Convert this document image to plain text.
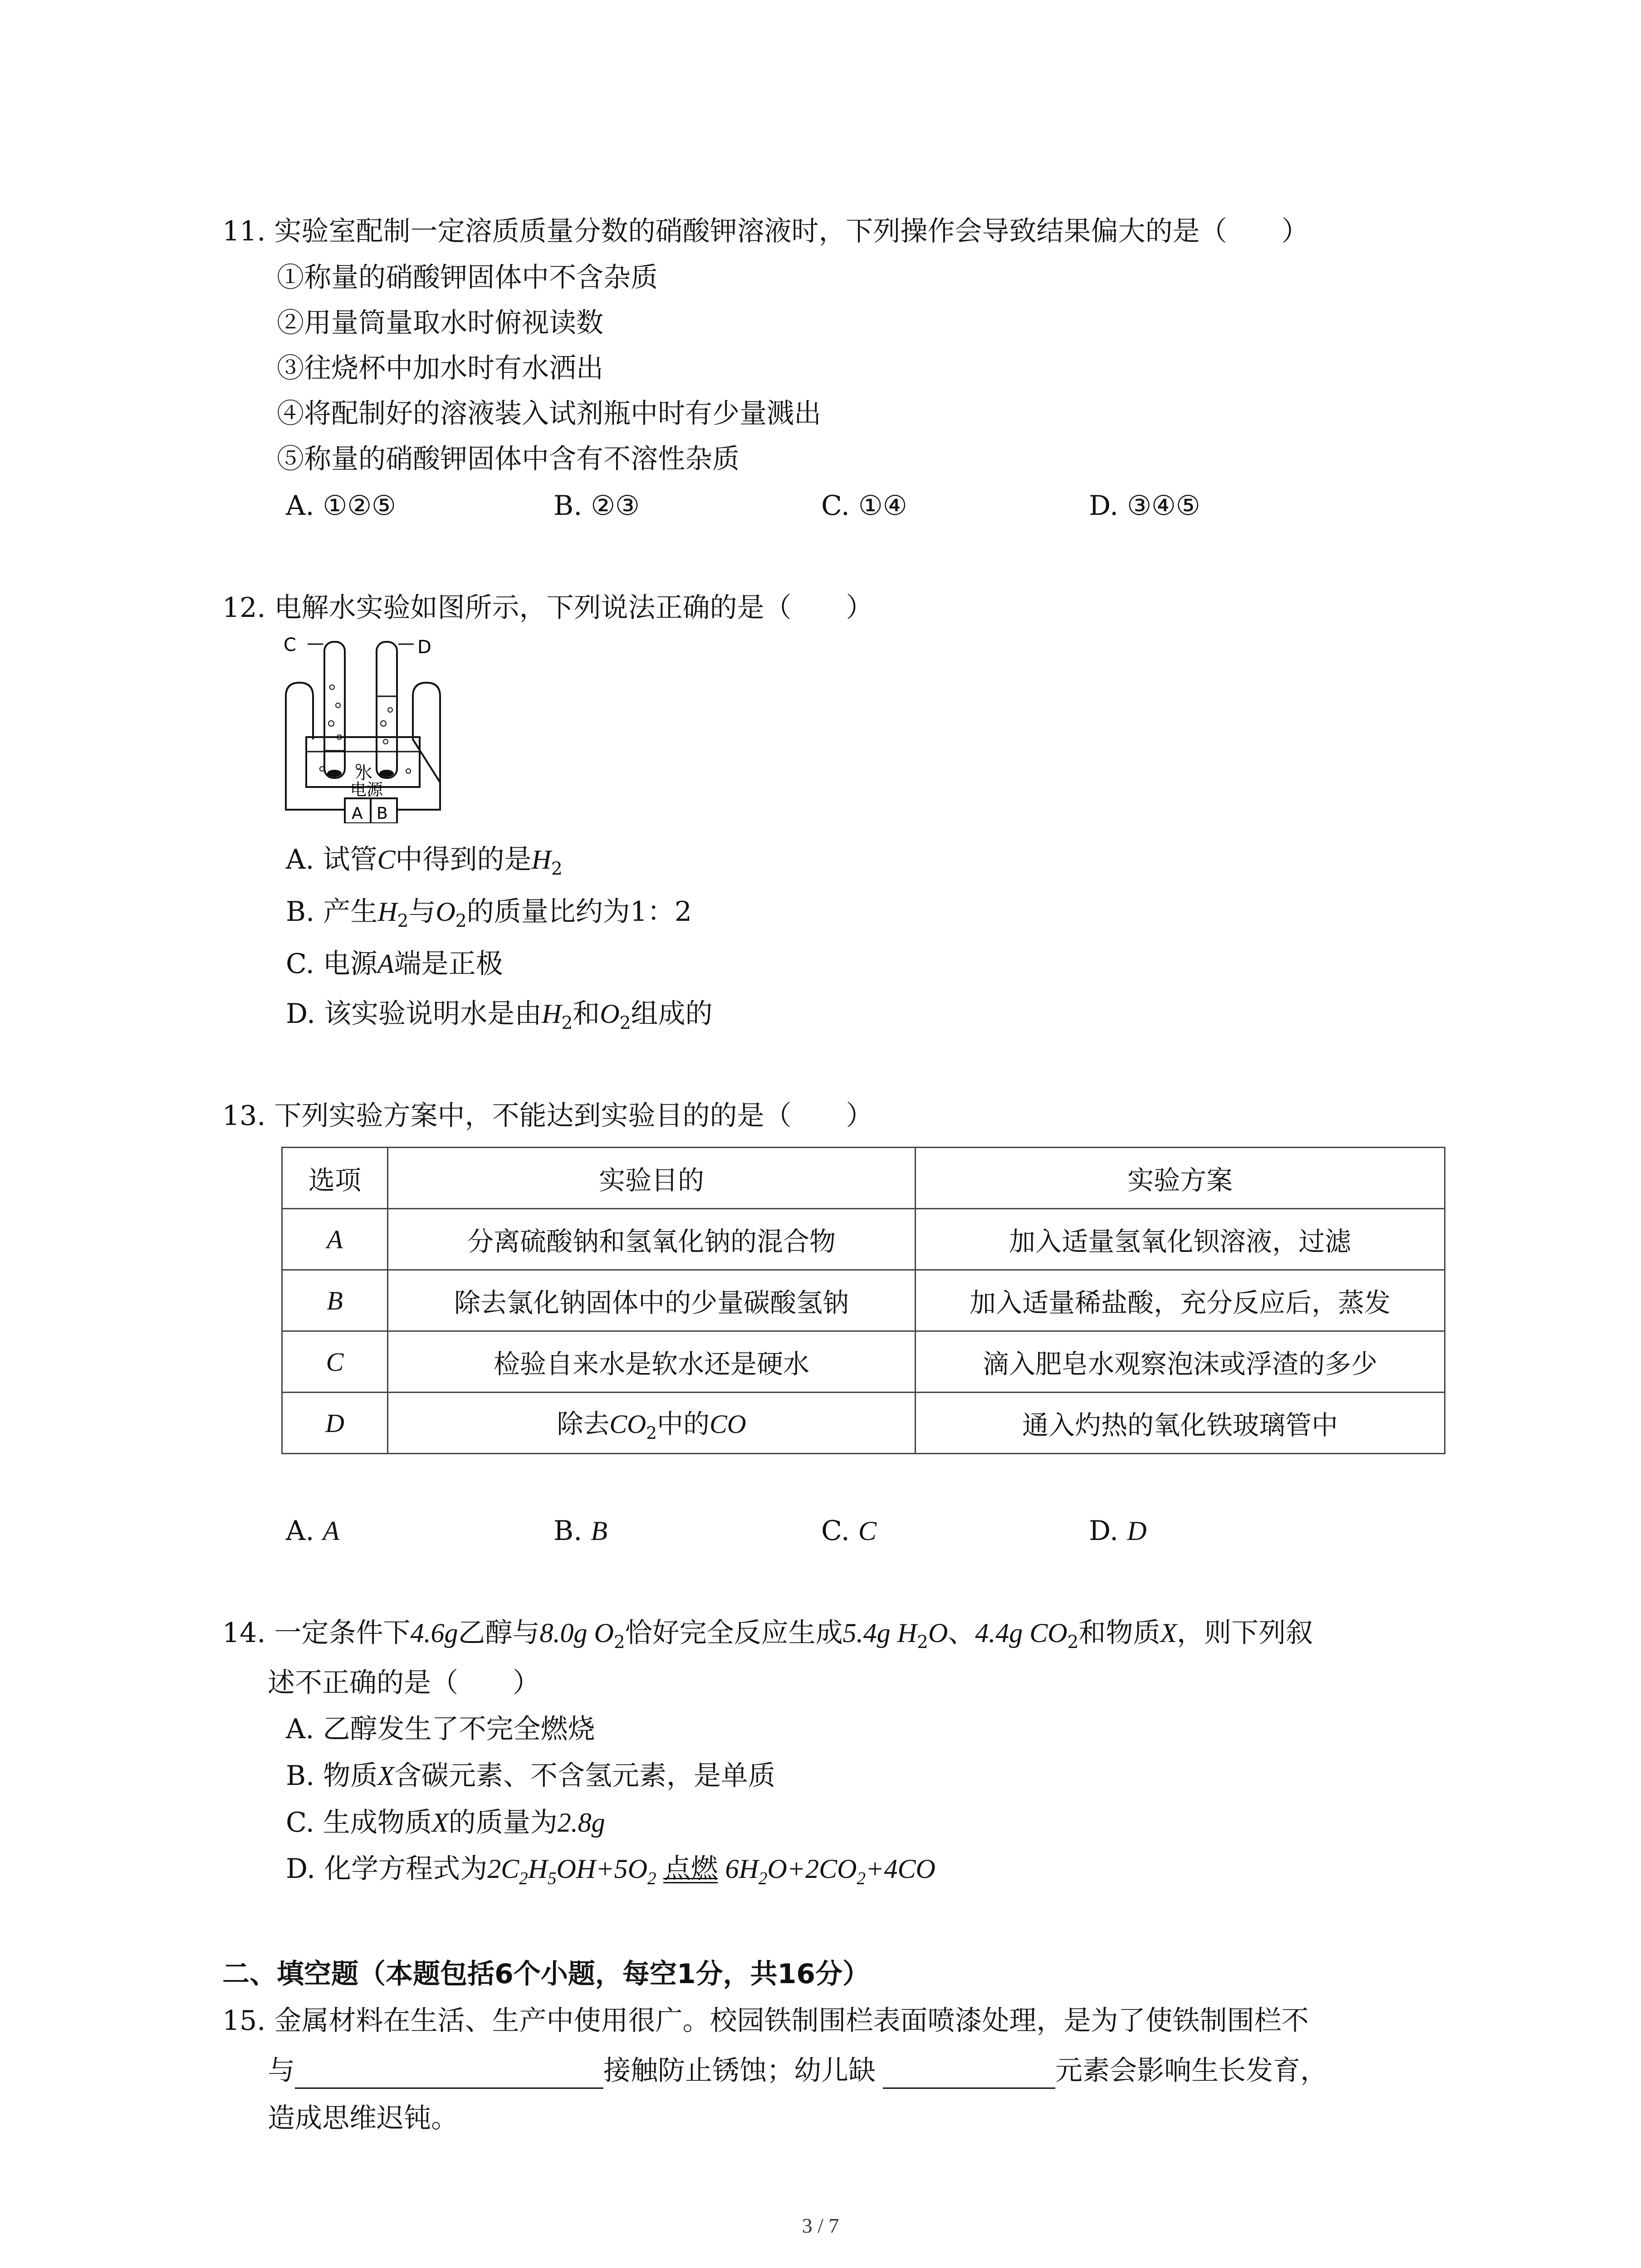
11. 实验室配制一定溶质质量分数的硝酸钾溶液时，下列操作会导致结果偏大的是（　　）
①称量的硝酸钾固体中不含杂质
②用量筒量取水时俯视读数
③往烧杯中加水时有水洒出
④将配制好的溶液装入试剂瓶中时有少量溅出
⑤称量的硝酸钾固体中含有不溶性杂质
A. ①②⑤	B. ②③	C. ①④	D. ③④⑤
12. 电解水实验如图所示，下列说法正确的是（　　）
C	D
水
电源
A B
A. 试管C中得到的是$H_2$
B. 产生$H_2$与$O_2$的质量比约为1：2
C. 电源A端是正极
D. 该实验说明水是由$H_2$和$O_2$组成的
13. 下列实验方案中，不能达到实验目的的是（　　）
选项	实验目的	实验方案
A	分离硫酸钠和氢氧化钠的混合物	加入适量氢氧化钡溶液，过滤
B	除去氯化钠固体中的少量碳酸氢钠	加入适量稀盐酸，充分反应后，蒸发
C	检验自来水是软水还是硬水	滴入肥皂水观察泡沫或浮渣的多少
D	除去$CO_2$中的CO	通入灼热的氧化铁玻璃管中
A. A	B. B	C. C	D. D
14. 一定条件下4.6g乙醇与8.0g $O_2$恰好完全反应生成5.4g $H_2O$、4.4g $CO_2$和物质X，则下列叙
述不正确的是（　　）
A. 乙醇发生了不完全燃烧
B. 物质X含碳元素、不含氢元素，是单质
C. 生成物质X的质量为2.8g
D. 化学方程式为$2C_2H_5OH+5O_2$ 点燃 $6H_2O+2CO_2+4CO$
二、填空题（本题包括6个小题，每空1分，共16分）
15. 金属材料在生活、生产中使用很广。校园铁制围栏表面喷漆处理，是为了使铁制围栏不
与	接触防止锈蚀；幼儿缺	元素会影响生长发育，
造成思维迟钝。
3 / 7
